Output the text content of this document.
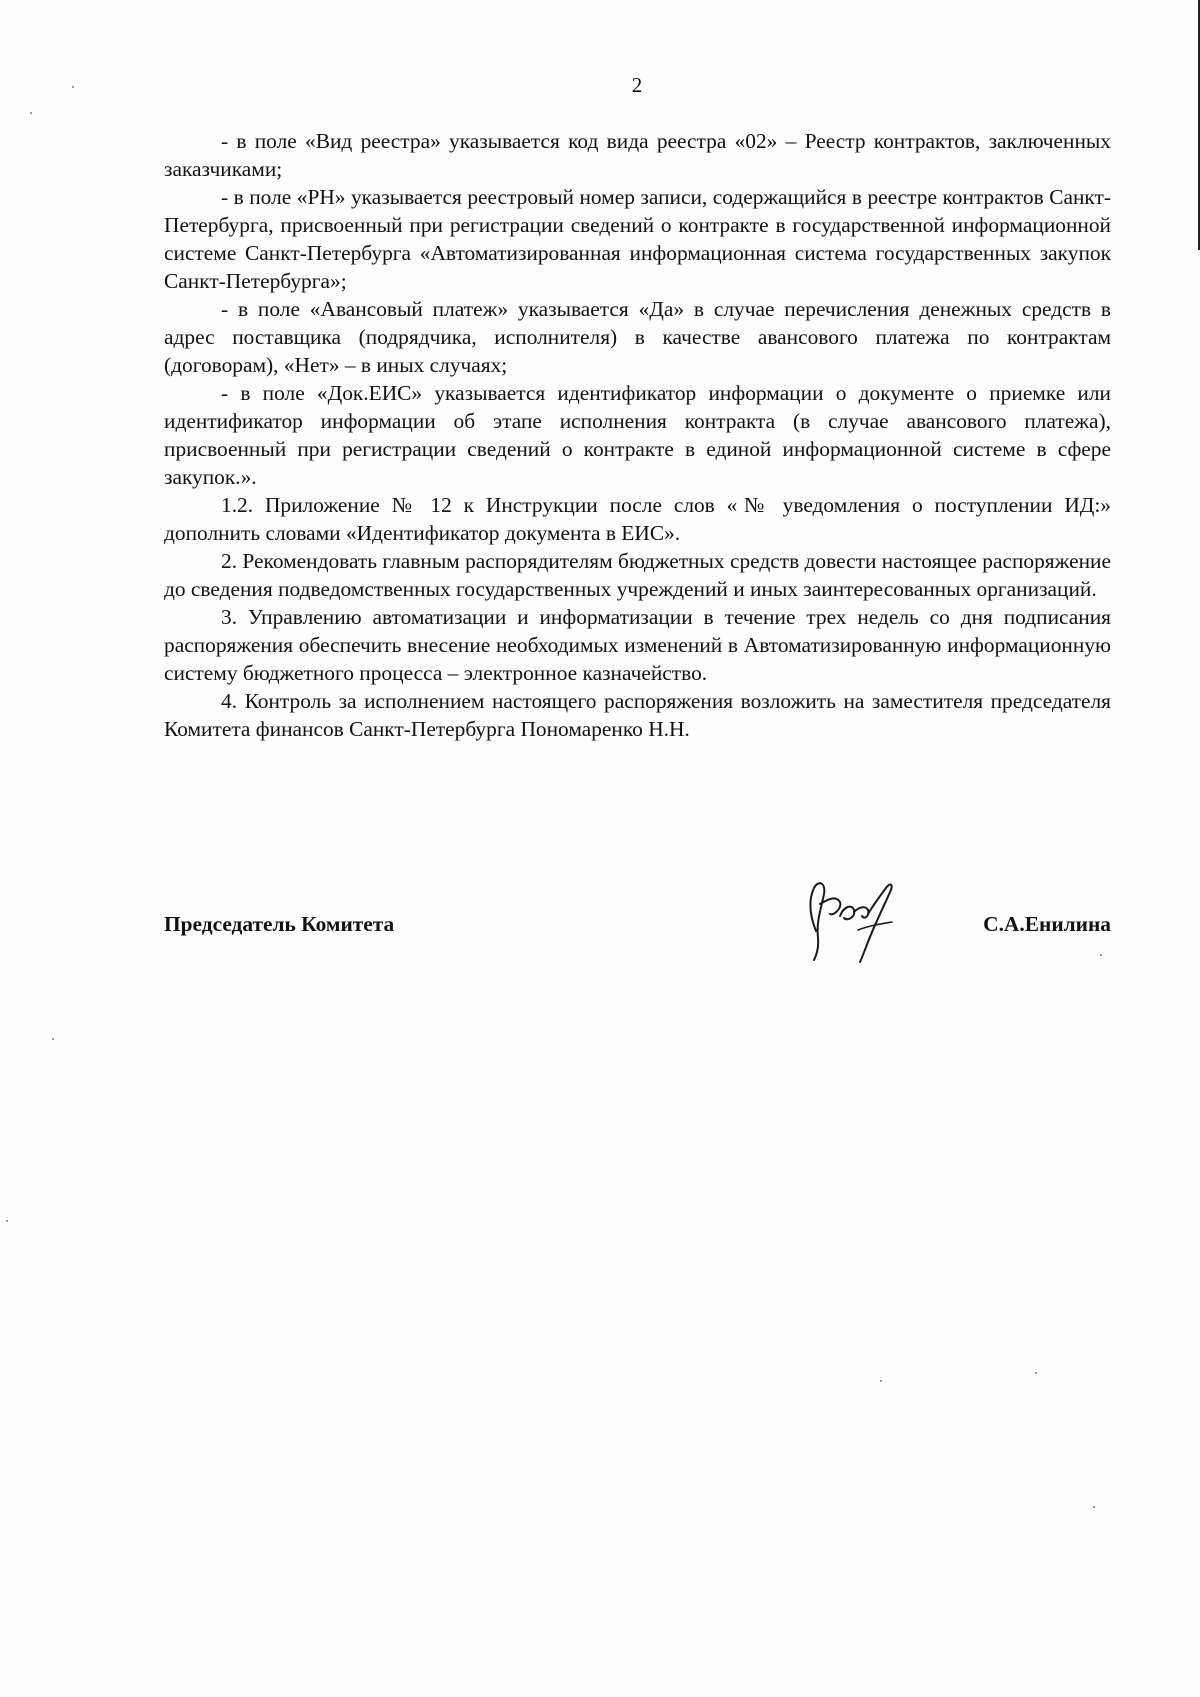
2

- в поле «Вид реестра» указывается код вида реестра «02» – Реестр контрактов, заключенных заказчиками;

- в поле «РН» указывается реестровый номер записи, содержащийся в реестре контрактов Санкт-Петербурга, присвоенный при регистрации сведений о контракте в государственной информационной системе Санкт-Петербурга «Автоматизированная информационная система государственных закупок Санкт-Петербурга»;

- в поле «Авансовый платеж» указывается «Да» в случае перечисления денежных средств в адрес поставщика (подрядчика, исполнителя) в качестве авансового платежа по контрактам (договорам), «Нет» – в иных случаях;

- в поле «Док.ЕИС» указывается идентификатор информации о документе о приемке или идентификатор информации об этапе исполнения контракта (в случае авансового платежа), присвоенный при регистрации сведений о контракте в единой информационной системе в сфере закупок.».

1.2. Приложение № 12 к Инструкции после слов «№ уведомления о поступлении ИД:» дополнить словами «Идентификатор документа в ЕИС».

2. Рекомендовать главным распорядителям бюджетных средств довести настоящее распоряжение до сведения подведомственных государственных учреждений и иных заинтересованных организаций.

3. Управлению автоматизации и информатизации в течение трех недель со дня подписания распоряжения обеспечить внесение необходимых изменений в Автоматизированную информационную систему бюджетного процесса – электронное казначейство.

4. Контроль за исполнением настоящего распоряжения возложить на заместителя председателя Комитета финансов Санкт-Петербурга Пономаренко Н.Н.

Председатель Комитета	С.А.Енилина
